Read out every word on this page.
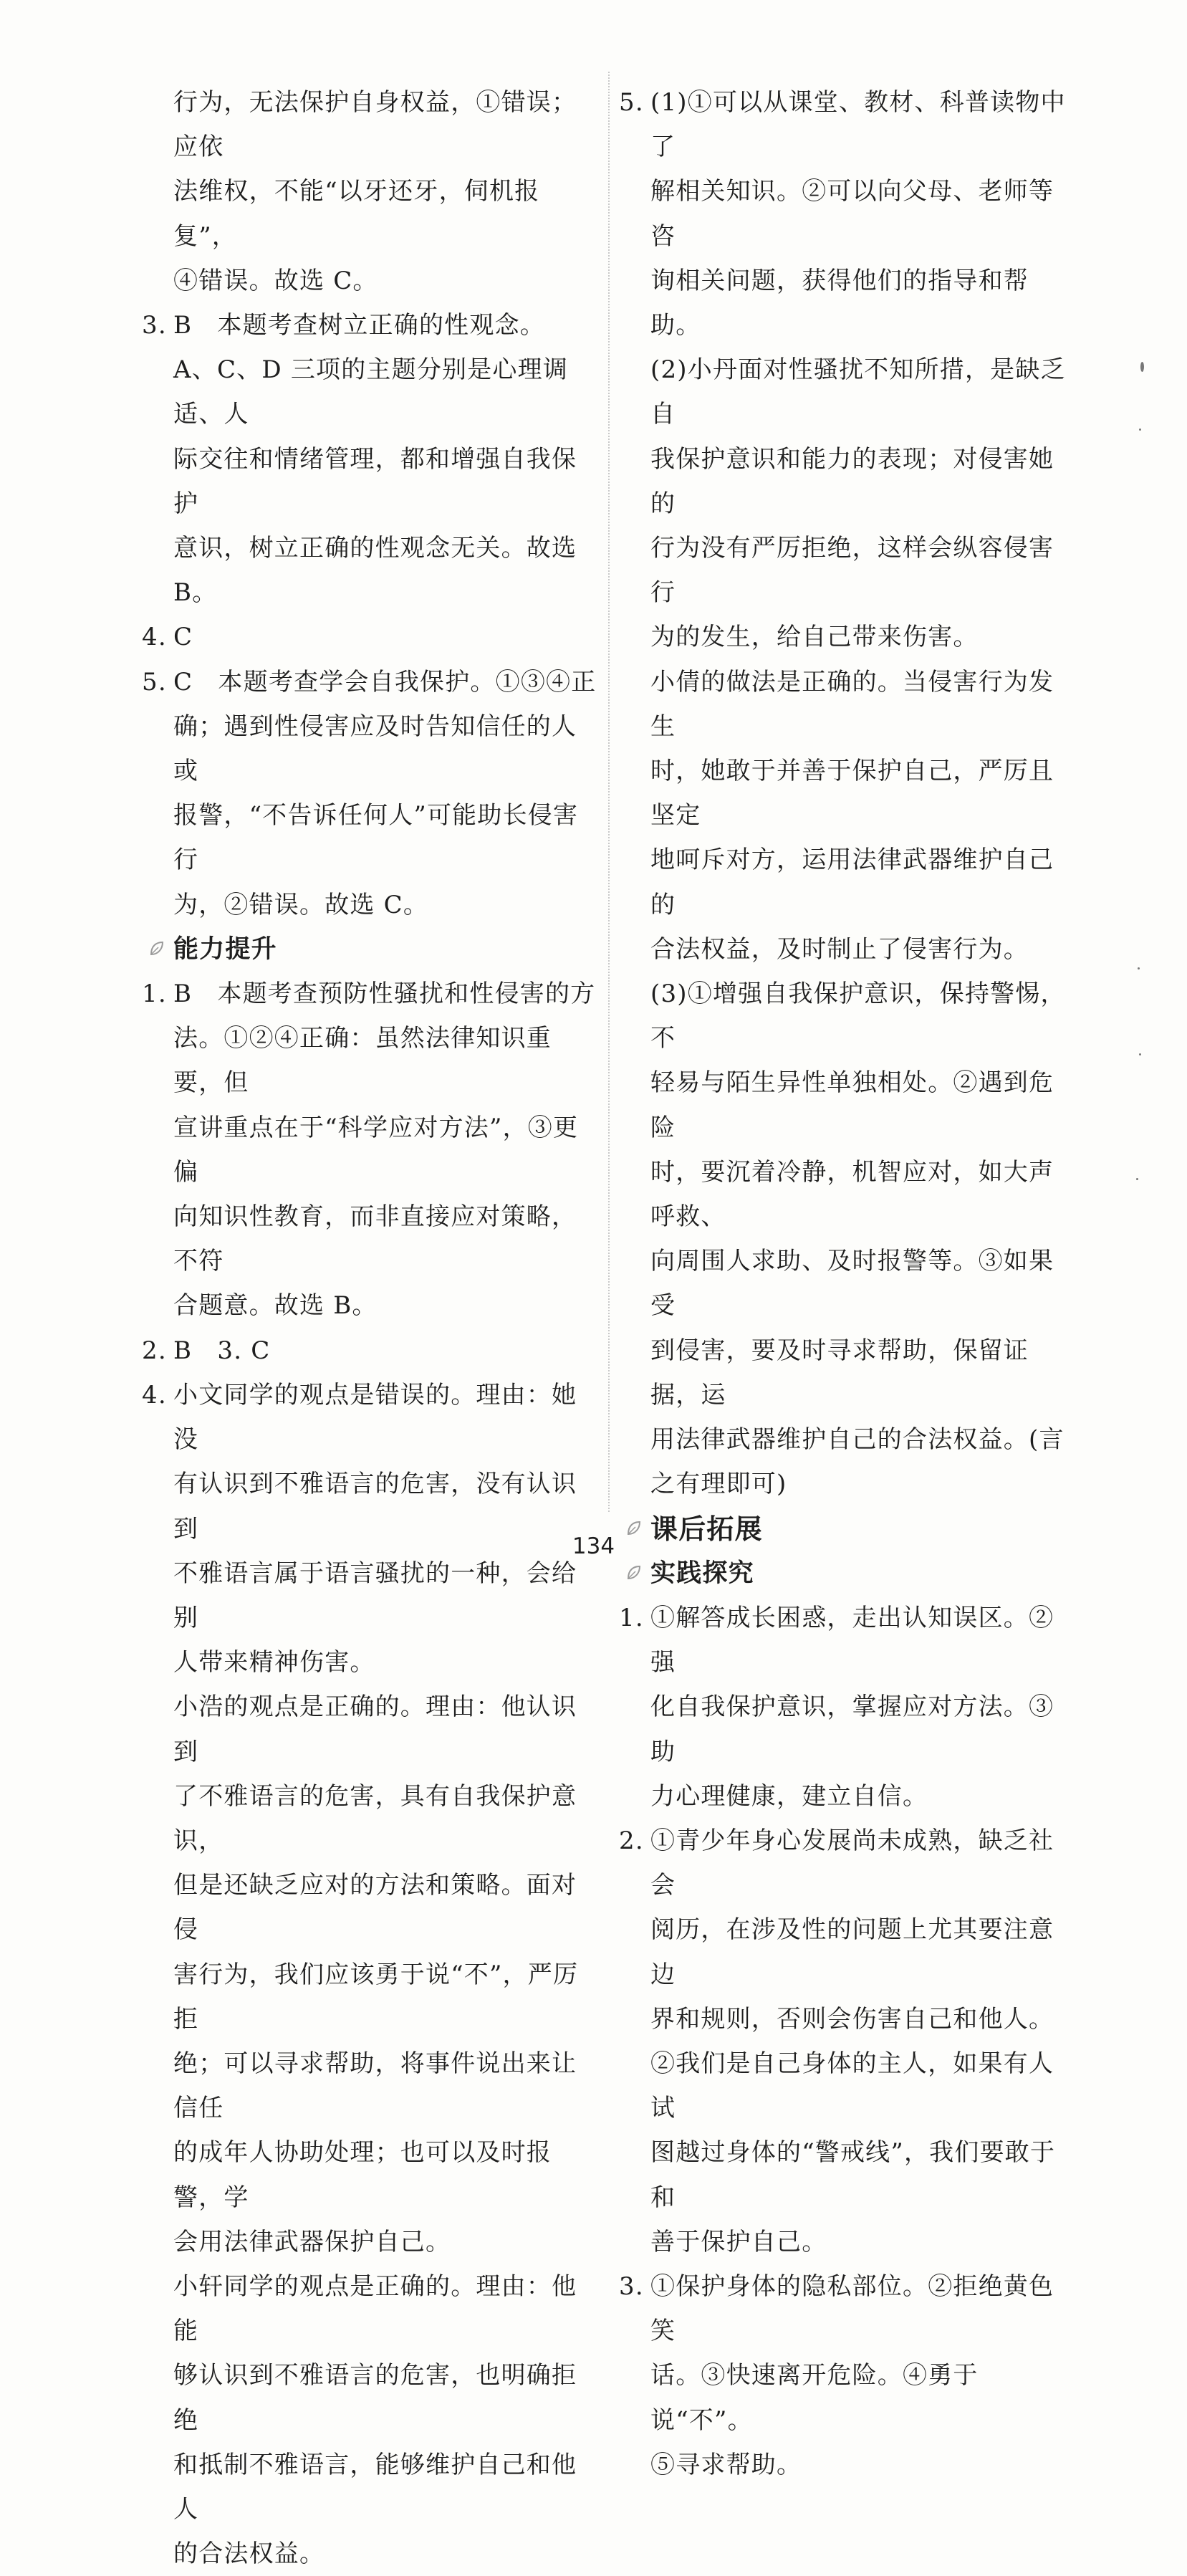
行为，无法保护自身权益，①错误；应依
法维权，不能“以牙还牙，伺机报复”，
④错误。故选 C。
3. B　本题考查树立正确的性观念。
A、C、D 三项的主题分别是心理调适、人
际交往和情绪管理，都和增强自我保护
意识，树立正确的性观念无关。故选 B。
4. C
5. C　本题考查学会自我保护。①③④正
确；遇到性侵害应及时告知信任的人或
报警，“不告诉任何人”可能助长侵害行
为，②错误。故选 C。
能力提升
1. B　本题考查预防性骚扰和性侵害的方
法。①②④正确：虽然法律知识重要，但
宣讲重点在于“科学应对方法”，③更偏
向知识性教育，而非直接应对策略，不符
合题意。故选 B。
2. B　3. C
4. 小文同学的观点是错误的。理由：她没
有认识到不雅语言的危害，没有认识到
不雅语言属于语言骚扰的一种，会给别
人带来精神伤害。
小浩的观点是正确的。理由：他认识到
了不雅语言的危害，具有自我保护意识，
但是还缺乏应对的方法和策略。面对侵
害行为，我们应该勇于说“不”，严厉拒
绝；可以寻求帮助，将事件说出来让信任
的成年人协助处理；也可以及时报警，学
会用法律武器保护自己。
小轩同学的观点是正确的。理由：他能
够认识到不雅语言的危害，也明确拒绝
和抵制不雅语言，能够维护自己和他人
的合法权益。
5. (1)①可以从课堂、教材、科普读物中了
解相关知识。②可以向父母、老师等咨
询相关问题，获得他们的指导和帮助。
(2)小丹面对性骚扰不知所措，是缺乏自
我保护意识和能力的表现；对侵害她的
行为没有严厉拒绝，这样会纵容侵害行
为的发生，给自己带来伤害。
小倩的做法是正确的。当侵害行为发生
时，她敢于并善于保护自己，严厉且坚定
地呵斥对方，运用法律武器维护自己的
合法权益，及时制止了侵害行为。
(3)①增强自我保护意识，保持警惕，不
轻易与陌生异性单独相处。②遇到危险
时，要沉着冷静，机智应对，如大声呼救、
向周围人求助、及时报警等。③如果受
到侵害，要及时寻求帮助，保留证据，运
用法律武器维护自己的合法权益。(言
之有理即可)
课后拓展
实践探究
1. ①解答成长困惑，走出认知误区。②强
化自我保护意识，掌握应对方法。③助
力心理健康，建立自信。
2. ①青少年身心发展尚未成熟，缺乏社会
阅历，在涉及性的问题上尤其要注意边
界和规则，否则会伤害自己和他人。
②我们是自己身体的主人，如果有人试
图越过身体的“警戒线”，我们要敢于和
善于保护自己。
3. ①保护身体的隐私部位。②拒绝黄色笑
话。③快速离开危险。④勇于说“不”。
⑤寻求帮助。
134
